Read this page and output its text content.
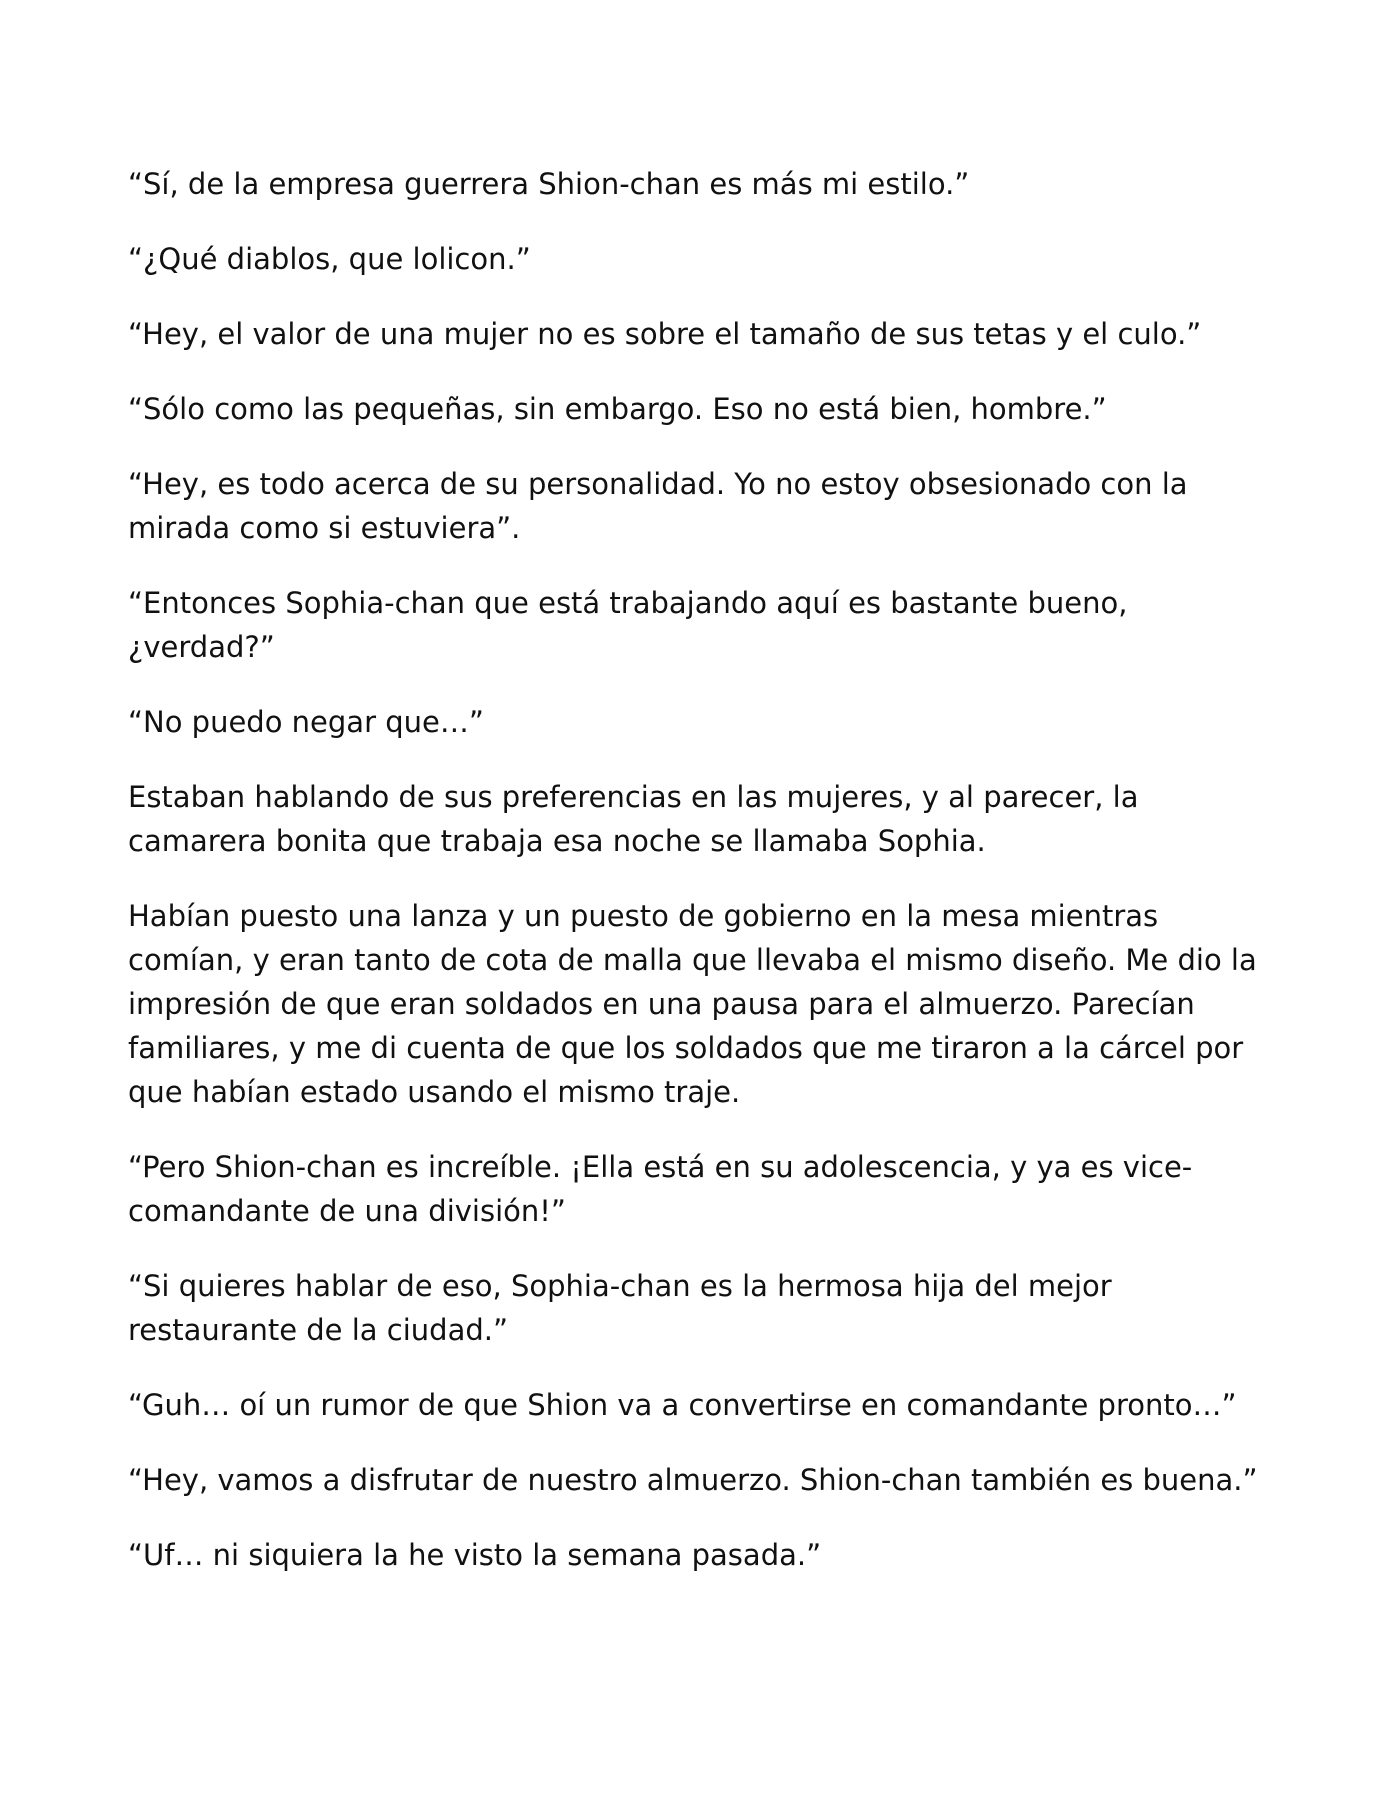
“Sí, de la empresa guerrera Shion-chan es más mi estilo.”

“¿Qué diablos, que lolicon.”

“Hey, el valor de una mujer no es sobre el tamaño de sus tetas y el culo.”

“Sólo como las pequeñas, sin embargo. Eso no está bien, hombre.”

“Hey, es todo acerca de su personalidad. Yo no estoy obsesionado con la mirada como si estuviera”.

“Entonces Sophia-chan que está trabajando aquí es bastante bueno, ¿verdad?”

“No puedo negar que…”

Estaban hablando de sus preferencias en las mujeres, y al parecer, la camarera bonita que trabaja esa noche se llamaba Sophia.

Habían puesto una lanza y un puesto de gobierno en la mesa mientras comían, y eran tanto de cota de malla que llevaba el mismo diseño. Me dio la impresión de que eran soldados en una pausa para el almuerzo. Parecían familiares, y me di cuenta de que los soldados que me tiraron a la cárcel por que habían estado usando el mismo traje.

“Pero Shion-chan es increíble. ¡Ella está en su adolescencia, y ya es vice-comandante de una división!”

“Si quieres hablar de eso, Sophia-chan es la hermosa hija del mejor restaurante de la ciudad.”

“Guh… oí un rumor de que Shion va a convertirse en comandante pronto…”

“Hey, vamos a disfrutar de nuestro almuerzo. Shion-chan también es buena.”

“Uf… ni siquiera la he visto la semana pasada.”
